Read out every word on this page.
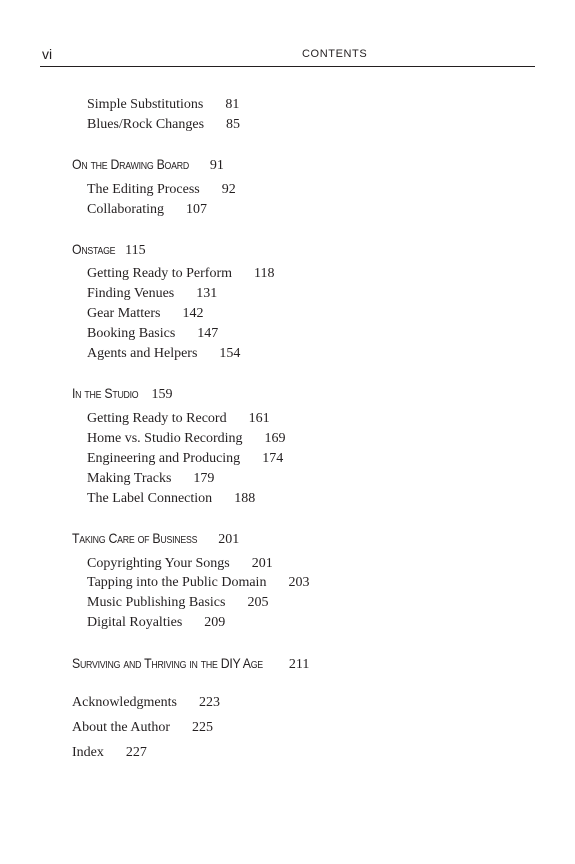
vi	CONTENTS
Simple Substitutions 81
Blues/Rock Changes 85
On the Drawing Board 91
The Editing Process 92
Collaborating 107
Onstage 115
Getting Ready to Perform 118
Finding Venues 131
Gear Matters 142
Booking Basics 147
Agents and Helpers 154
In the Studio 159
Getting Ready to Record 161
Home vs. Studio Recording 169
Engineering and Producing 174
Making Tracks 179
The Label Connection 188
Taking Care of Business 201
Copyrighting Your Songs 201
Tapping into the Public Domain 203
Music Publishing Basics 205
Digital Royalties 209
Surviving and Thriving in the DIY Age 211
Acknowledgments 223
About the Author 225
Index 227
